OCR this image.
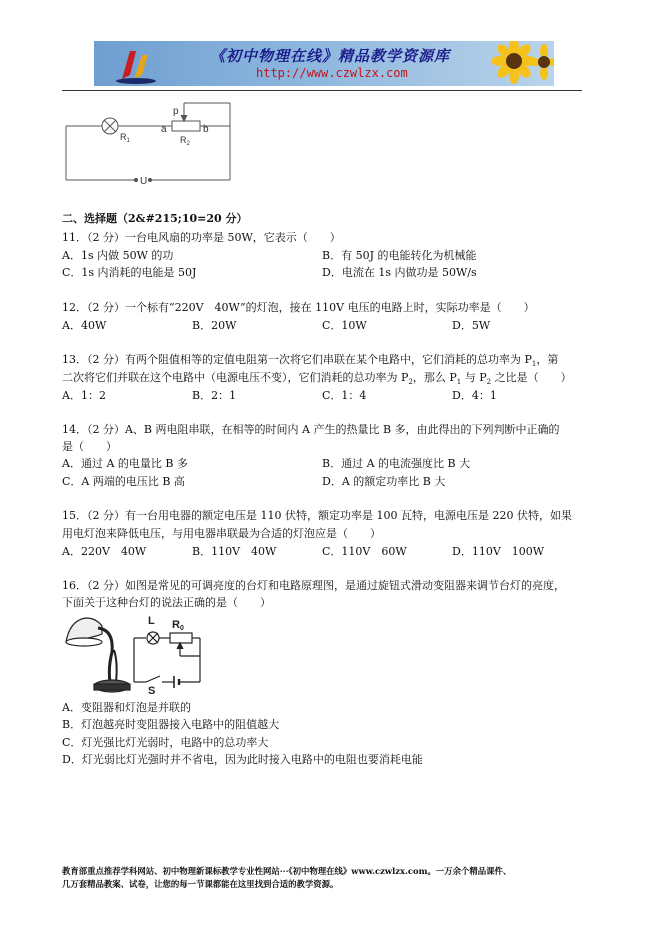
《初中物理在线》精品教学资源库
http://www.czwlzx.com
p
a	b
$R_1$	$R_2$
U
二、选择题（2&#215;10=20 分）
11．（2 分）一台电风扇的功率是 50W，它表示（　　）
A．1s 内做 50W 的功	B．有 50J 的电能转化为机械能
C．1s 内消耗的电能是 50J	D．电流在 1s 内做功是 50W/s
12．（2 分）一个标有“220V　40W”的灯泡，接在 110V 电压的电路上时，实际功率是（　　）
A．40W	B．20W	C．10W	D．5W
13．（2 分）有两个阻值相等的定值电阻第一次将它们串联在某个电路中，它们消耗的总功率为 $P_1$，第
二次将它们并联在这个电路中（电源电压不变），它们消耗的总功率为 $P_2$，那么 $P_1$ 与 $P_2$ 之比是（　　）
A．1：2	B．2：1	C．1：4	D．4：1
14．（2 分）A、B 两电阻串联，在相等的时间内 A 产生的热量比 B 多，由此得出的下列判断中正确的
是（　　）
A．通过 A 的电量比 B 多	B．通过 A 的电流强度比 B 大
C．A 两端的电压比 B 高	D．A 的额定功率比 B 大
15．（2 分）有一台用电器的额定电压是 110 伏特，额定功率是 100 瓦特，电源电压是 220 伏特，如果
用电灯泡来降低电压，与用电器串联最为合适的灯泡应是（　　）
A．220V　40W	B．110V　40W	C．110V　60W	D．110V　100W
16．（2 分）如图是常见的可调亮度的台灯和电路原理图，是通过旋钮式滑动变阻器来调节台灯的亮度，
下面关于这种台灯的说法正确的是（　　）
L R0
S
A．变阻器和灯泡是并联的
B．灯泡越亮时变阻器接入电路中的阻值越大
C．灯光强比灯光弱时，电路中的总功率大
D．灯光弱比灯光强时并不省电，因为此时接入电路中的电阻也要消耗电能
教育部重点推荐学科网站、初中物理新课标教学专业性网站···《初中物理在线》www.czwlzx.com。一万余个精品课件、
几万套精品教案、试卷，让您的每一节课都能在这里找到合适的教学资源。
